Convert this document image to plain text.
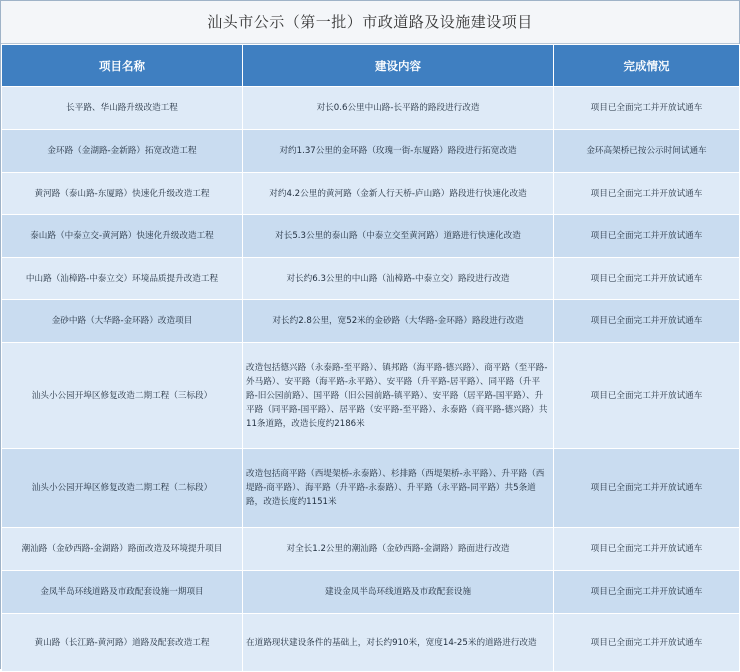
汕头市公示（第一批）市政道路及设施建设项目
项目名称	建设内容	完成情况
长平路、华山路升级改造工程	对长0.6公里中山路-长平路的路段进行改造	项目已全面完工并开放试通车
金环路（金湖路-金新路）拓宽改造工程	对约1.37公里的金环路（玫瑰一街-东厦路）路段进行拓宽改造	金环高架桥已按公示时间试通车
黄河路（泰山路-东厦路）快速化升级改造工程	对约4.2公里的黄河路（金新人行天桥-庐山路）路段进行快速化改造	项目已全面完工并开放试通车
泰山路（中泰立交-黄河路）快速化升级改造工程	对长5.3公里的泰山路（中泰立交至黄河路）道路进行快速化改造	项目已全面完工并开放试通车
中山路（汕樟路-中泰立交）环境品质提升改造工程	对长约6.3公里的中山路（汕樟路-中泰立交）路段进行改造	项目已全面完工并开放试通车
金砂中路（大华路-金环路）改造项目	对长约2.8公里，宽52米的金砂路（大华路-金环路）路段进行改造	项目已全面完工并开放试通车
汕头小公园开埠区修复改造二期工程（三标段）	改造包括德兴路（永泰路-至平路）、镇邦路（海平路-德兴路）、商平路（至平路-外马路）、安平路（海平路-永平路）、安平路（升平路-居平路）、同平路（升平路-旧公园前路）、国平路（旧公园前路-镇平路）、安平路（居平路-国平路）、升平路（同平路-国平路）、居平路（安平路-至平路）、永泰路（商平路-德兴路）共11条道路，改造长度约2186米	项目已全面完工并开放试通车
汕头小公园开埠区修复改造二期工程（二标段）	改造包括商平路（西堤架桥-永泰路）、杉排路（西堤架桥-永平路）、升平路（西堤路-商平路）、海平路（升平路-永泰路）、升平路（永平路-同平路）共5条道路，改造长度约1151米	项目已全面完工并开放试通车
潮汕路（金砂西路-金湖路）路面改造及环境提升项目	对全长1.2公里的潮汕路（金砂西路-金湖路）路面进行改造	项目已全面完工并开放试通车
金凤半岛环线道路及市政配套设施一期项目	建设金凤半岛环线道路及市政配套设施	项目已全面完工并开放试通车
黄山路（长江路-黄河路）道路及配套改造工程	在道路现状建设条件的基础上，对长约910米，宽度14-25米的道路进行改造	项目已全面完工并开放试通车
